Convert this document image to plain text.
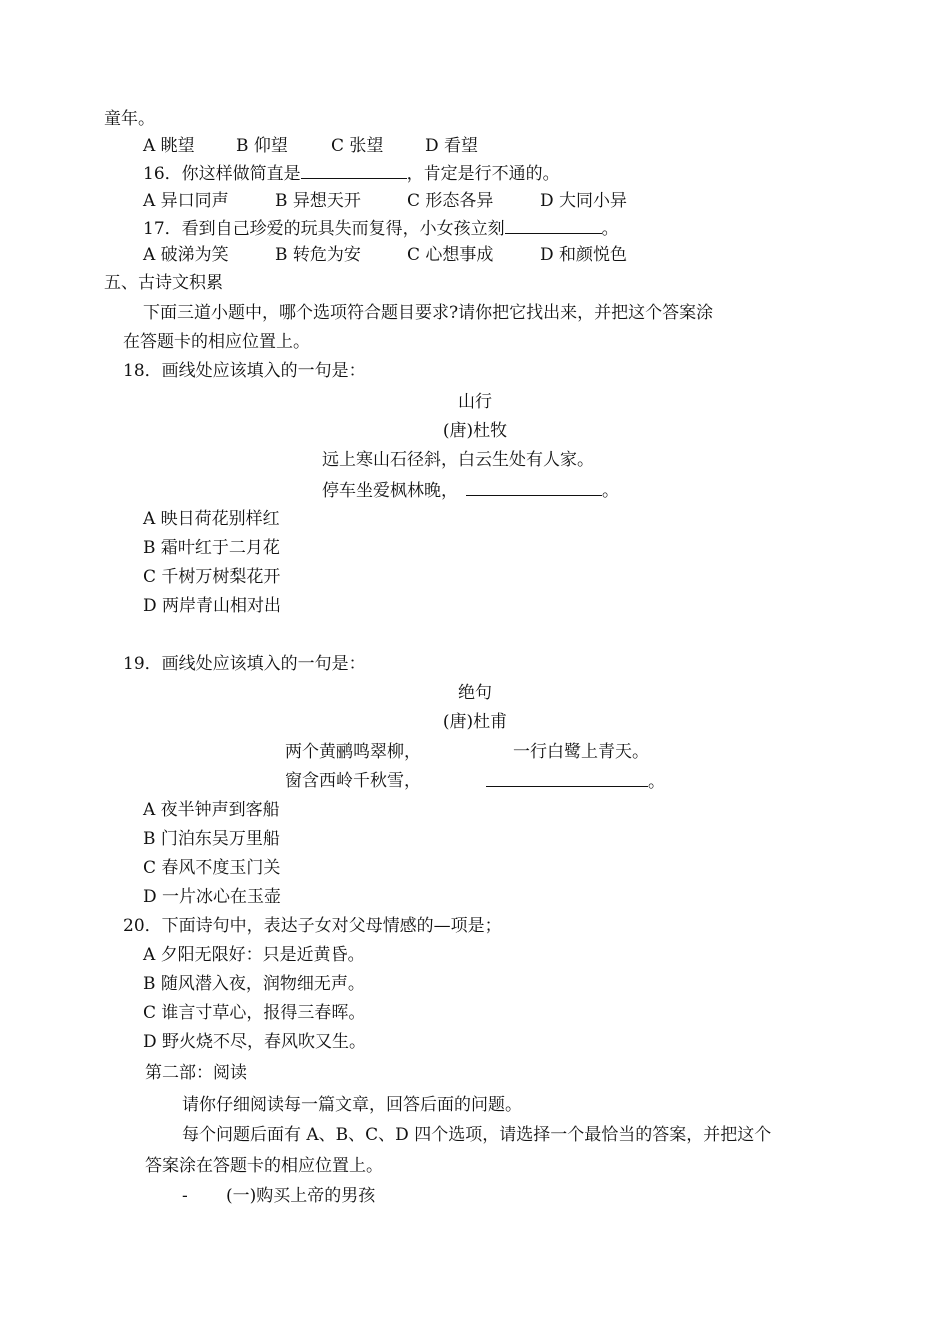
童年。
A 眺望 B 仰望	C 张望 D 看望
16．你这样做简直是	，肯定是行不通的。
A 异口同声	B 异想天开	C 形态各异	D 大同小异
17．看到自己珍爱的玩具失而复得，小女孩立刻	。
A 破涕为笑	B 转危为安	C 心想事成	D 和颜悦色
五、古诗文积累
下面三道小题中，哪个选项符合题目要求?请你把它找出来，并把这个答案涂
在答题卡的相应位置上。
18．画线处应该填入的一句是：
山行
(唐)杜牧
远上寒山石径斜，白云生处有人家。
停车坐爱枫林晚，	。
A 映日荷花别样红
B 霜叶红于二月花
C 千树万树梨花开
D 两岸青山相对出
19．画线处应该填入的一句是：
绝句
(唐)杜甫
两个黄鹂鸣翠柳，	一行白鹭上青天。
窗含西岭千秋雪，	。
A 夜半钟声到客船
B 门泊东吴万里船
C 春风不度玉门关
D 一片冰心在玉壶
20．下面诗句中，表达子女对父母情感的—项是；
A 夕阳无限好：只是近黄昏。
B 随风潜入夜，润物细无声。
C 谁言寸草心，报得三春晖。
D 野火烧不尽，春风吹又生。
第二部：阅读
请你仔细阅读每一篇文章，回答后面的问题。
每个问题后面有 A、B、C、D 四个选项，请选择一个最恰当的答案，并把这个
答案涂在答题卡的相应位置上。
- (一)购买上帝的男孩
